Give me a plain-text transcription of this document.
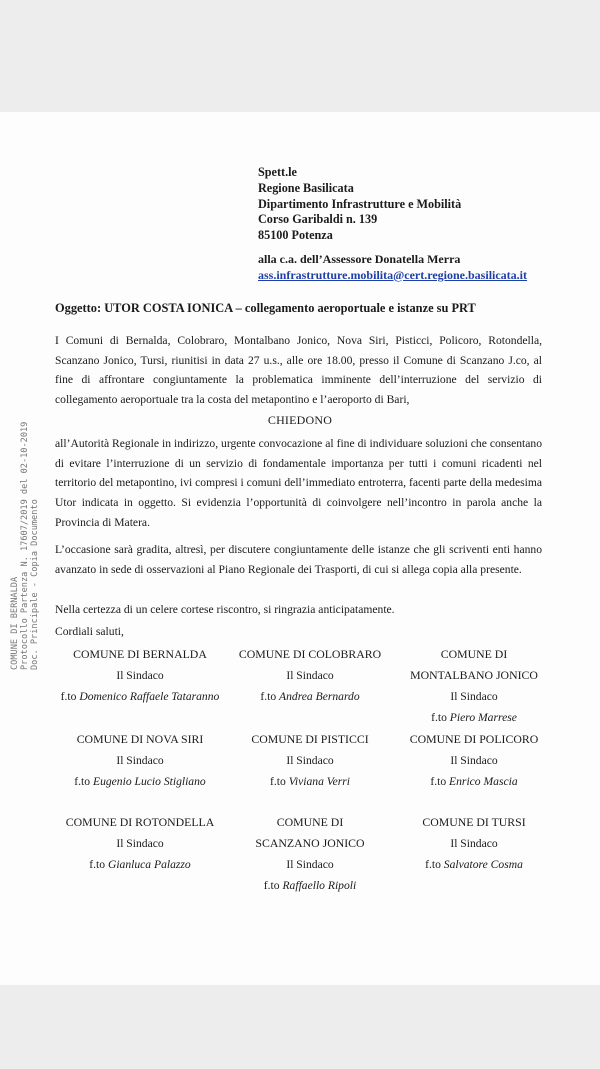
Spett.le
Regione Basilicata
Dipartimento Infrastrutture e Mobilità
Corso Garibaldi n. 139
85100 Potenza
alla c.a. dell’Assessore Donatella Merra
ass.infrastrutture.mobilita@cert.regione.basilicata.it
Oggetto: UTOR COSTA IONICA – collegamento aeroportuale e istanze su PRT
I Comuni di Bernalda, Colobraro, Montalbano Jonico, Nova Siri, Pisticci, Policoro, Rotondella, Scanzano Jonico, Tursi, riunitisi in data 27 u.s., alle ore 18.00, presso il Comune di Scanzano J.co, al fine di affrontare congiuntamente la problematica imminente dell’interruzione del servizio di collegamento aeroportuale tra la costa del metapontino e l’aeroporto di Bari,
CHIEDONO
all’Autorità Regionale in indirizzo, urgente convocazione al fine di individuare soluzioni che consentano di evitare l’interruzione di un servizio di fondamentale importanza per tutti i comuni ricadenti nel territorio del metapontino, ivi compresi i comuni dell’immediato entroterra, facenti parte della medesima Utor indicata in oggetto. Si evidenzia l’opportunità di coinvolgere nell’incontro in parola anche la Provincia di Matera.
L’occasione sarà gradita, altresì, per discutere congiuntamente delle istanze che gli scriventi enti hanno avanzato in sede di osservazioni al Piano Regionale dei Trasporti, di cui si allega copia alla presente.
Nella certezza di un celere cortese riscontro, si ringrazia anticipatamente.
Cordiali saluti,
COMUNE DI BERNALDA
Il Sindaco
f.to Domenico Raffaele Tataranno
COMUNE DI COLOBRARO
Il Sindaco
f.to Andrea Bernardo
COMUNE DI
MONTALBANO JONICO
Il Sindaco
f.to Piero Marrese
COMUNE DI NOVA SIRI
Il Sindaco
f.to Eugenio Lucio Stigliano
COMUNE DI PISTICCI
Il Sindaco
f.to Viviana Verri
COMUNE DI POLICORO
Il Sindaco
f.to Enrico Mascia
COMUNE DI ROTONDELLA
Il Sindaco
f.to Gianluca Palazzo
COMUNE DI
SCANZANO JONICO
Il Sindaco
f.to Raffaello Ripoli
COMUNE DI TURSI
Il Sindaco
f.to Salvatore Cosma
COMUNE DI BERNALDA Protocollo Partenza N. 17607/2019 del 02-10-2019 Doc. Principale - Copia Documento
